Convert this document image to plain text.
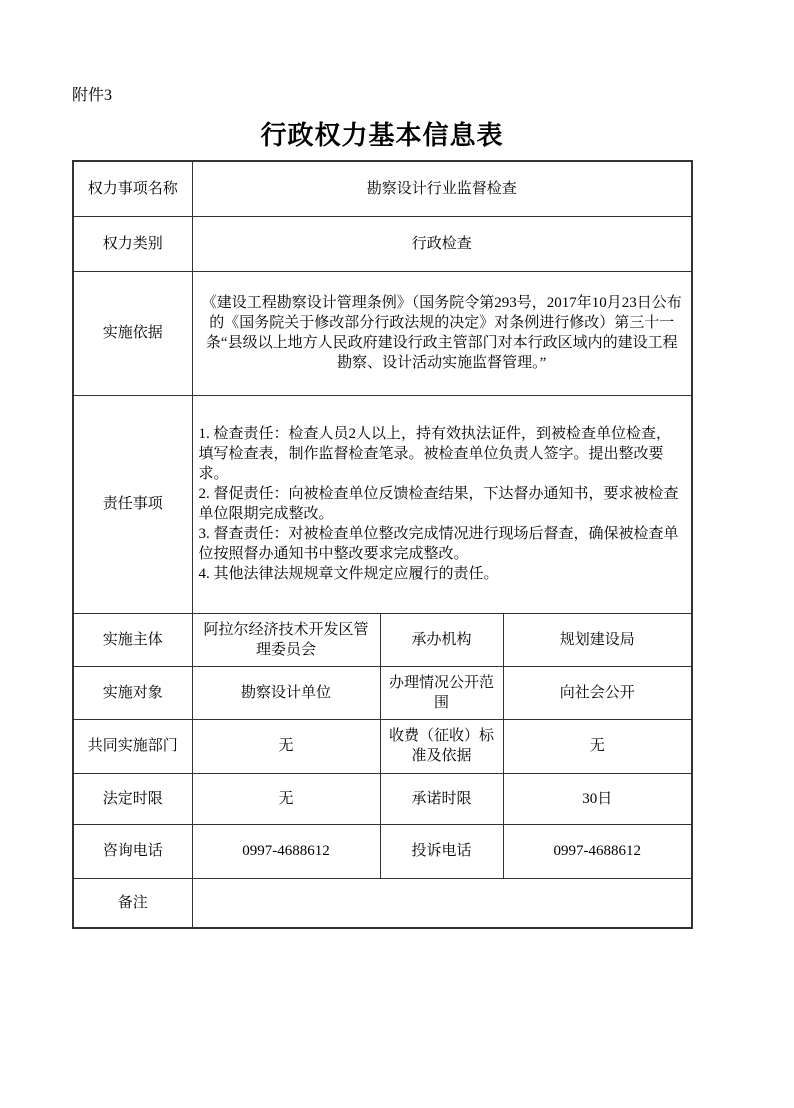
附件3
行政权力基本信息表
权力事项名称	勘察设计行业监督检查		
权力类别	行政检查		
实施依据	《建设工程勘察设计管理条例》（国务院令第293号，2017年10月23日公布的《国务院关于修改部分行政法规的决定》对条例进行修改）第三十一条“县级以上地方人民政府建设行政主管部门对本行政区域内的建设工程勘察、设计活动实施监督管理。”		
责任事项	1. 检查责任：检查人员2人以上，持有效执法证件，到被检查单位检查，填写检查表，制作监督检查笔录。被检查单位负责人签字。提出整改要求。
2. 督促责任：向被检查单位反馈检查结果，下达督办通知书，要求被检查单位限期完成整改。
3. 督查责任：对被检查单位整改完成情况进行现场后督查，确保被检查单位按照督办通知书中整改要求完成整改。
4. 其他法律法规规章文件规定应履行的责任。		

实施主体	阿拉尔经济技术开发区管理委员会	承办机构	规划建设局
实施对象	勘察设计单位	办理情况公开范围	向社会公开
共同实施部门	无	收费（征收）标准及依据	无
法定时限	无	承诺时限	30日
咨询电话	0997-4688612	投诉电话	0997-4688612
备注			
